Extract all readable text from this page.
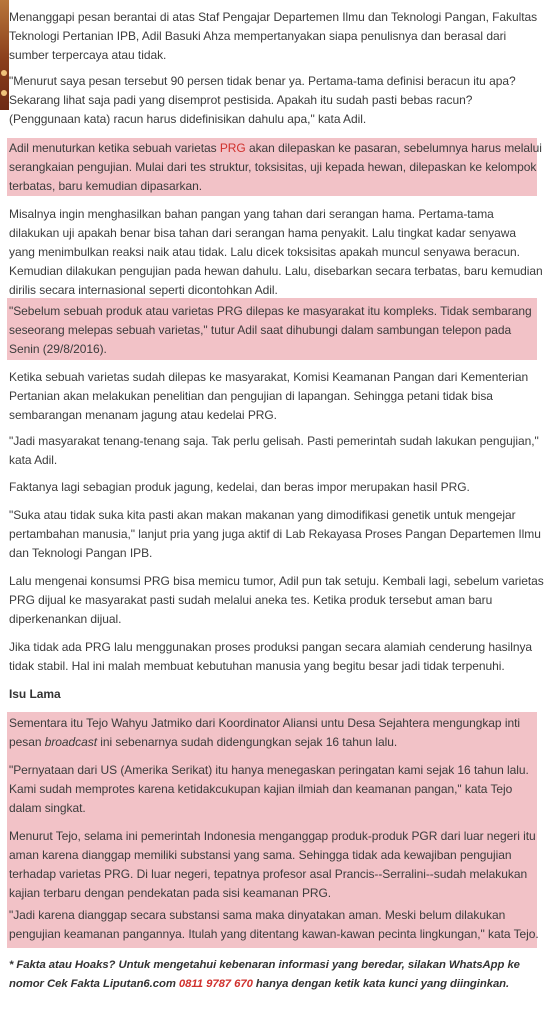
Menanggapi pesan berantai di atas Staf Pengajar Departemen Ilmu dan Teknologi Pangan, Fakultas Teknologi Pertanian IPB, Adil Basuki Ahza mempertanyakan siapa penulisnya dan berasal dari sumber terpercaya atau tidak.

"Menurut saya pesan tersebut 90 persen tidak benar ya. Pertama-tama definisi beracun itu apa? Sekarang lihat saja padi yang disemprot pestisida. Apakah itu sudah pasti bebas racun? (Penggunaan kata) racun harus didefinisikan dahulu apa," kata Adil.

Adil menuturkan ketika sebuah varietas PRG akan dilepaskan ke pasaran, sebelumnya harus melalui serangkaian pengujian. Mulai dari tes struktur, toksisitas, uji kepada hewan, dilepaskan ke kelompok terbatas, baru kemudian dipasarkan.

Misalnya ingin menghasilkan bahan pangan yang tahan dari serangan hama. Pertama-tama dilakukan uji apakah benar bisa tahan dari serangan hama penyakit. Lalu tingkat kadar senyawa yang menimbulkan reaksi naik atau tidak. Lalu dicek toksisitas apakah muncul senyawa beracun. Kemudian dilakukan pengujian pada hewan dahulu. Lalu, disebarkan secara terbatas, baru kemudian dirilis secara internasional seperti dicontohkan Adil.

"Sebelum sebuah produk atau varietas PRG dilepas ke masyarakat itu kompleks. Tidak sembarang seseorang melepas sebuah varietas," tutur Adil saat dihubungi dalam sambungan telepon pada Senin (29/8/2016).

Ketika sebuah varietas sudah dilepas ke masyarakat, Komisi Keamanan Pangan dari Kementerian Pertanian akan melakukan penelitian dan pengujian di lapangan. Sehingga petani tidak bisa sembarangan menanam jagung atau kedelai PRG.

"Jadi masyarakat tenang-tenang saja. Tak perlu gelisah. Pasti pemerintah sudah lakukan pengujian," kata Adil.

Faktanya lagi sebagian produk jagung, kedelai, dan beras impor merupakan hasil PRG.

"Suka atau tidak suka kita pasti akan makan makanan yang dimodifikasi genetik untuk mengejar pertambahan manusia," lanjut pria yang juga aktif di Lab Rekayasa Proses Pangan Departemen Ilmu dan Teknologi Pangan IPB.

Lalu mengenai konsumsi PRG bisa memicu tumor, Adil pun tak setuju. Kembali lagi, sebelum varietas PRG dijual ke masyarakat pasti sudah melalui aneka tes. Ketika produk tersebut aman baru diperkenankan dijual.

Jika tidak ada PRG lalu menggunakan proses produksi pangan secara alamiah cenderung hasilnya tidak stabil. Hal ini malah membuat kebutuhan manusia yang begitu besar jadi tidak terpenuhi.

Isu Lama

Sementara itu Tejo Wahyu Jatmiko dari Koordinator Aliansi untu Desa Sejahtera mengungkap inti pesan broadcast ini sebenarnya sudah didengungkan sejak 16 tahun lalu.

"Pernyataan dari US (Amerika Serikat) itu hanya menegaskan peringatan kami sejak 16 tahun lalu. Kami sudah memprotes karena ketidakcukupan kajian ilmiah dan keamanan pangan," kata Tejo dalam singkat.

Menurut Tejo, selama ini pemerintah Indonesia menganggap produk-produk PGR dari luar negeri itu aman karena dianggap memiliki substansi yang sama. Sehingga tidak ada kewajiban pengujian terhadap varietas PRG. Di luar negeri, tepatnya profesor asal Prancis--Serralini--sudah melakukan kajian terbaru dengan pendekatan pada sisi keamanan PRG.

"Jadi karena dianggap secara substansi sama maka dinyatakan aman. Meski belum dilakukan pengujian keamanan pangannya. Itulah yang ditentang kawan-kawan pecinta lingkungan," kata Tejo.

* Fakta atau Hoaks? Untuk mengetahui kebenaran informasi yang beredar, silakan WhatsApp ke nomor Cek Fakta Liputan6.com 0811 9787 670 hanya dengan ketik kata kunci yang diinginkan.
